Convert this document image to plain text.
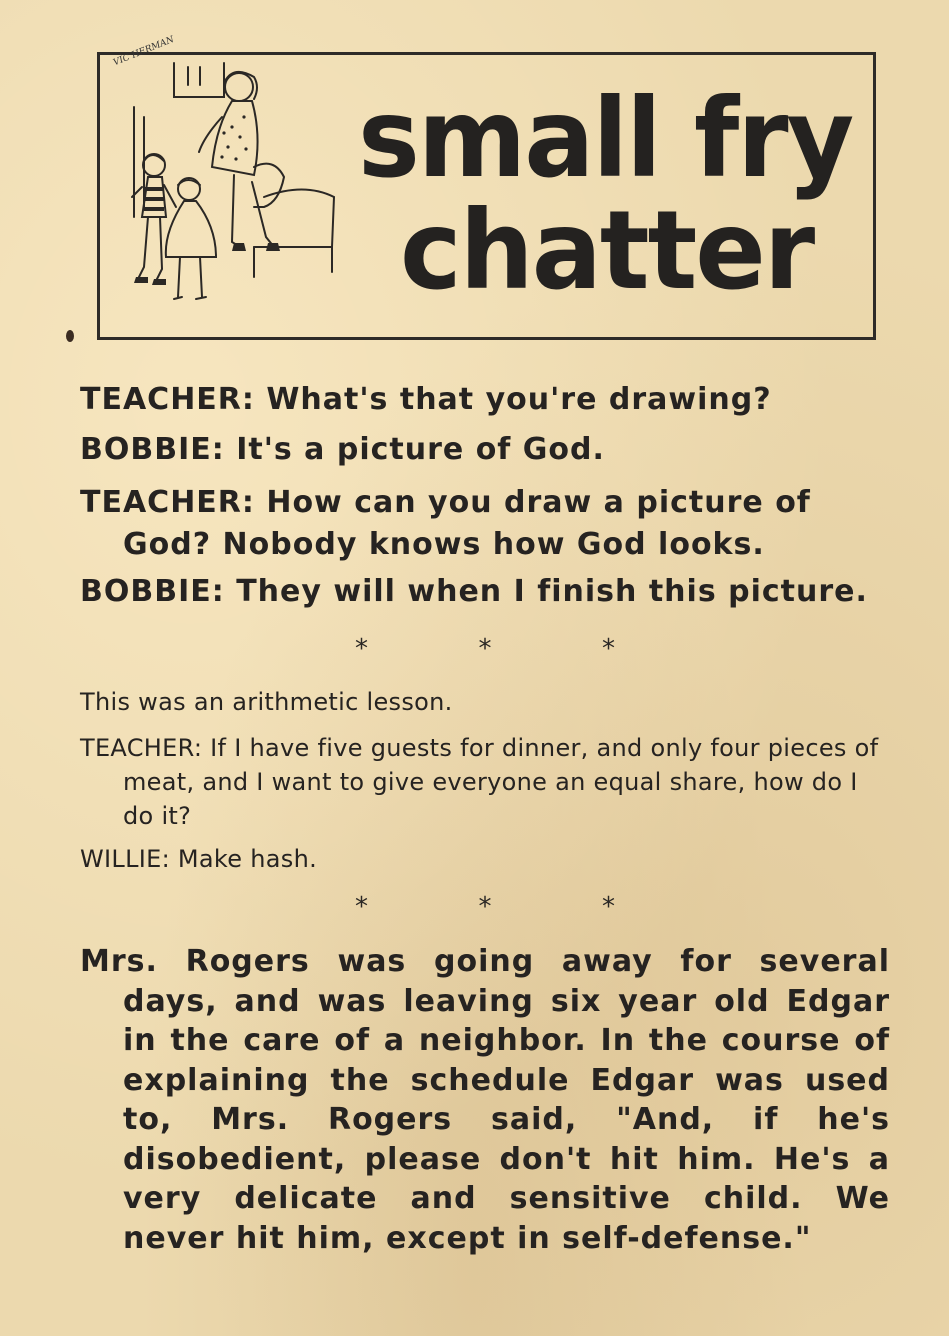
VIC HERMAN
small fry
chatter

TEACHER: What's that you're drawing?

BOBBIE: It's a picture of God.

TEACHER: How can you draw a picture of God? Nobody knows how God looks.

BOBBIE: They will when I finish this picture.

*	*	*

This was an arithmetic lesson.

TEACHER: If I have five guests for dinner, and only four pieces of meat, and I want to give everyone an equal share, how do I do it?

WILLIE: Make hash.

*	*	*

Mrs. Rogers was going away for several days, and was leaving six year old Edgar in the care of a neighbor. In the course of explaining the schedule Edgar was used to, Mrs. Rogers said, "And, if he's disobedient, please don't hit him. He's a very delicate and sensitive child. We never hit him, except in self-defense."
